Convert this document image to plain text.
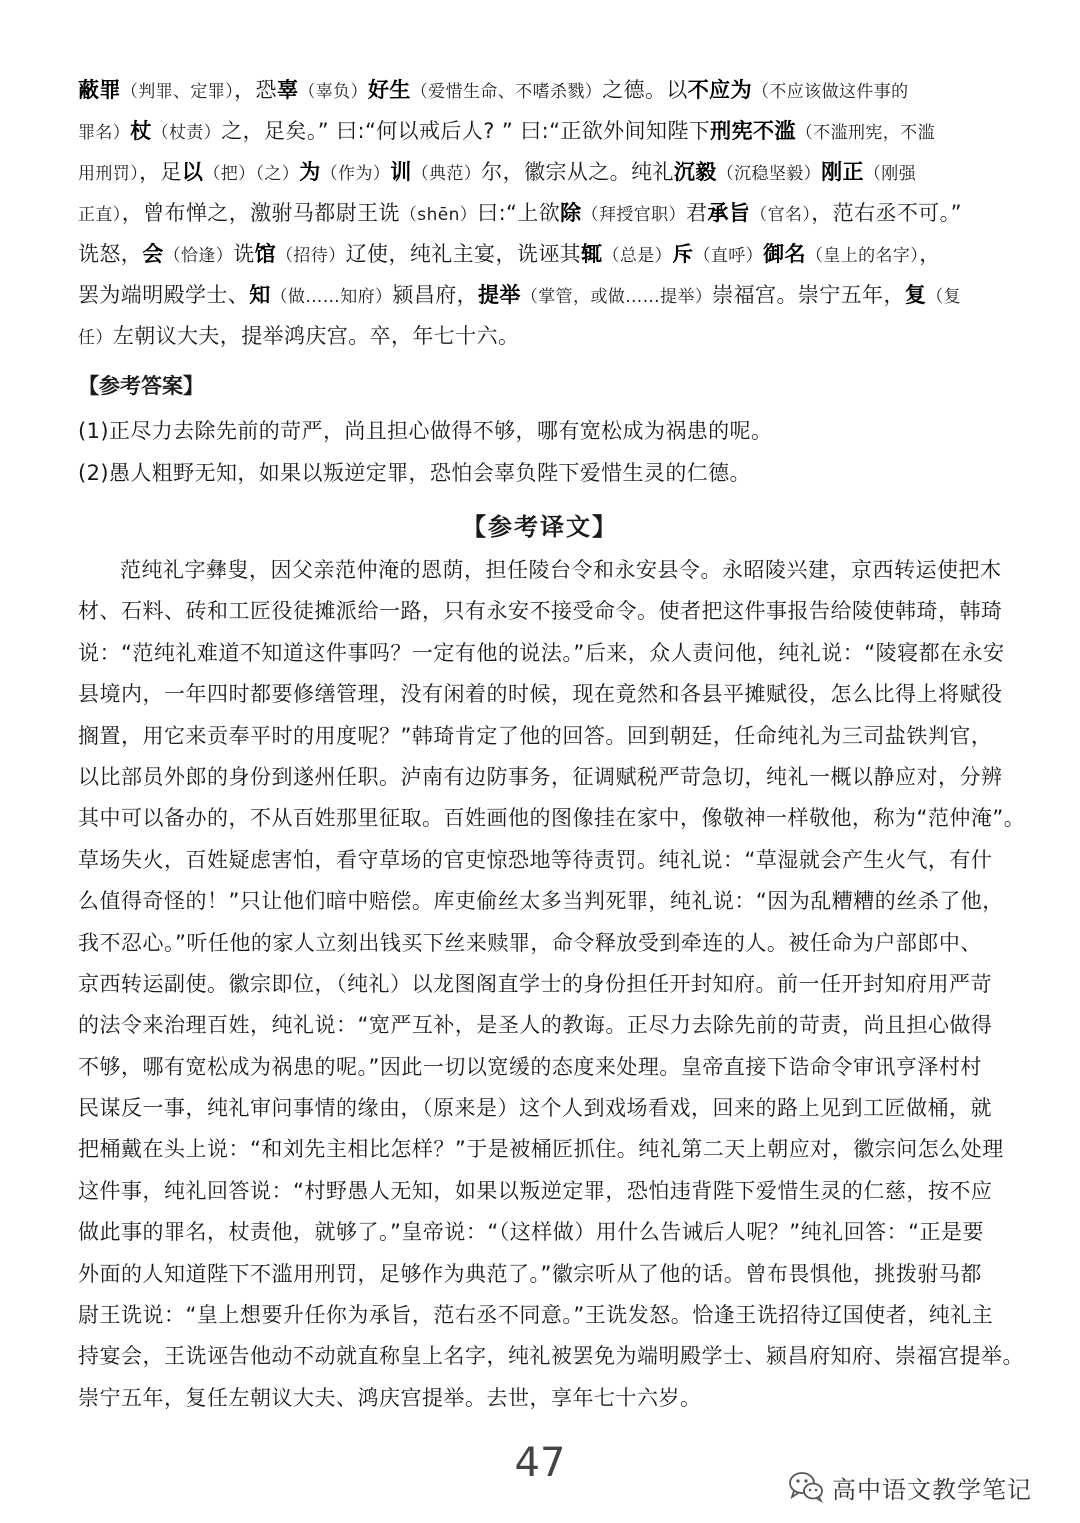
蔽罪（判罪、定罪），恐辜（辜负）好生（爱惜生命、不嗜杀戮）之德。以不应为（不应该做这件事的
罪名）杖（杖责）之，足矣。” 曰:“何以戒后人? ” 曰:“正欲外间知陛下刑宪不滥（不滥刑宪，不滥
用刑罚），足以（把）（之）为（作为）训（典范）尔，徽宗从之。纯礼沉毅（沉稳坚毅）刚正（刚强
正直），曾布惮之，激驸马都尉王诜（shēn）曰:“上欲除（拜授官职）君承旨（官名），范右丞不可。”
诜怒，会（恰逢）诜馆（招待）辽使，纯礼主宴，诜诬其辄（总是）斥（直呼）御名（皇上的名字），
罢为端明殿学士、知（做……知府）颍昌府，提举（掌管，或做……提举）崇福宫。崇宁五年，复（复
任）左朝议大夫，提举鸿庆宫。卒，年七十六。
【参考答案】
(1)正尽力去除先前的苛严，尚且担心做得不够，哪有宽松成为祸患的呢。
(2)愚人粗野无知，如果以叛逆定罪，恐怕会辜负陛下爱惜生灵的仁德。
【参考译文】
范纯礼字彝叟，因父亲范仲淹的恩荫，担任陵台令和永安县令。永昭陵兴建，京西转运使把木
材、石料、砖和工匠役徒摊派给一路，只有永安不接受命令。使者把这件事报告给陵使韩琦，韩琦
说：“范纯礼难道不知道这件事吗？一定有他的说法。”后来，众人责问他，纯礼说：“陵寝都在永安
县境内，一年四时都要修缮管理，没有闲着的时候，现在竟然和各县平摊赋役，怎么比得上将赋役
搁置，用它来贡奉平时的用度呢？”韩琦肯定了他的回答。回到朝廷，任命纯礼为三司盐铁判官，
以比部员外郎的身份到遂州任职。泸南有边防事务，征调赋税严苛急切，纯礼一概以静应对，分辨
其中可以备办的，不从百姓那里征取。百姓画他的图像挂在家中，像敬神一样敬他，称为“范仲淹”。
草场失火，百姓疑虑害怕，看守草场的官吏惊恐地等待责罚。纯礼说：“草湿就会产生火气，有什
么值得奇怪的！”只让他们暗中赔偿。库吏偷丝太多当判死罪，纯礼说：“因为乱糟糟的丝杀了他，
我不忍心。”听任他的家人立刻出钱买下丝来赎罪，命令释放受到牵连的人。被任命为户部郎中、
京西转运副使。徽宗即位，（纯礼）以龙图阁直学士的身份担任开封知府。前一任开封知府用严苛
的法令来治理百姓，纯礼说：“宽严互补，是圣人的教诲。正尽力去除先前的苛责，尚且担心做得
不够，哪有宽松成为祸患的呢。”因此一切以宽缓的态度来处理。皇帝直接下诰命令审讯亨泽村村
民谋反一事，纯礼审问事情的缘由，（原来是）这个人到戏场看戏，回来的路上见到工匠做桶，就
把桶戴在头上说：“和刘先主相比怎样？”于是被桶匠抓住。纯礼第二天上朝应对，徽宗问怎么处理
这件事，纯礼回答说：“村野愚人无知，如果以叛逆定罪，恐怕违背陛下爱惜生灵的仁慈，按不应
做此事的罪名，杖责他，就够了。”皇帝说：“（这样做）用什么告诫后人呢？”纯礼回答：“正是要
外面的人知道陛下不滥用刑罚，足够作为典范了。”徽宗听从了他的话。曾布畏惧他，挑拨驸马都
尉王诜说：“皇上想要升任你为承旨，范右丞不同意。”王诜发怒。恰逢王诜招待辽国使者，纯礼主
持宴会，王诜诬告他动不动就直称皇上名字，纯礼被罢免为端明殿学士、颍昌府知府、崇福宫提举。
崇宁五年，复任左朝议大夫、鸿庆宫提举。去世，享年七十六岁。
47
高中语文教学笔记
